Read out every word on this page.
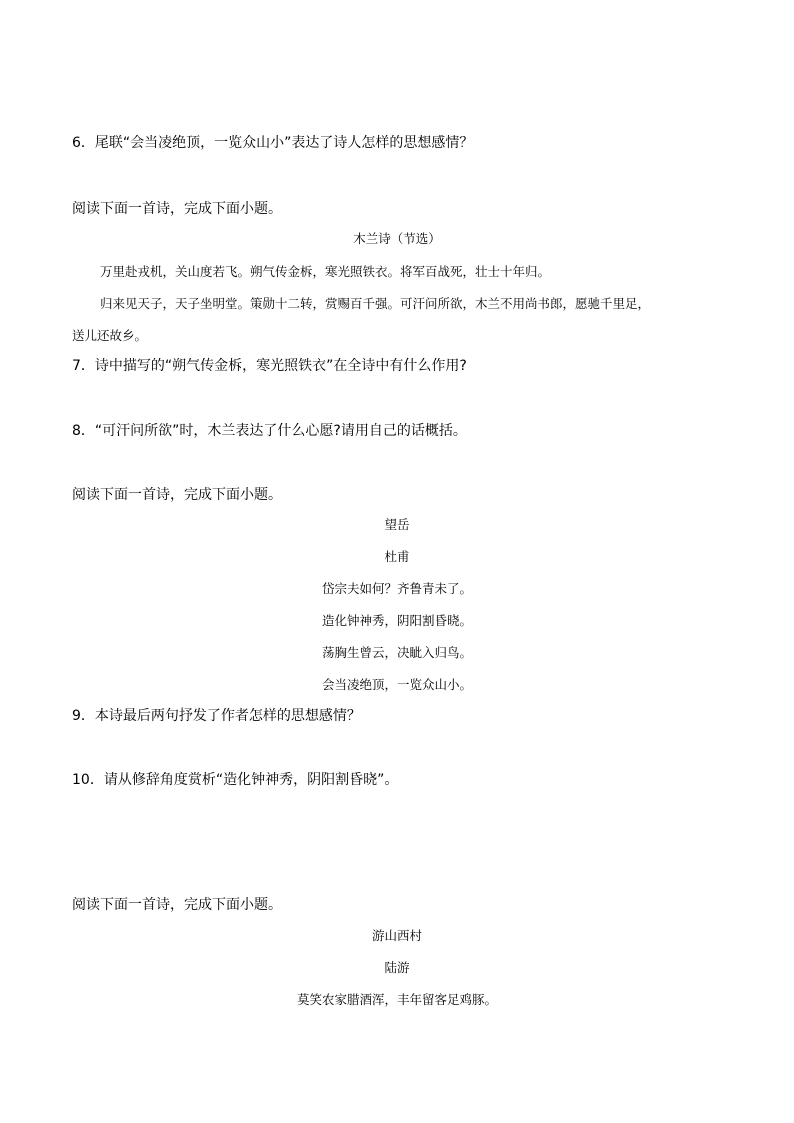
6．尾联“会当凌绝顶，一览众山小”表达了诗人怎样的思想感情？
阅读下面一首诗，完成下面小题。
木兰诗（节选）
万里赴戎机，关山度若飞。朔气传金柝，寒光照铁衣。将军百战死，壮士十年归。
归来见天子，天子坐明堂。策勋十二转，赏赐百千强。可汗问所欲，木兰不用尚书郎，愿驰千里足，
送儿还故乡。
7．诗中描写的“朔气传金柝，寒光照铁衣”在全诗中有什么作用?
8．“可汗问所欲”时，木兰表达了什么心愿?请用自己的话概括。
阅读下面一首诗，完成下面小题。
望岳
杜甫
岱宗夫如何？齐鲁青未了。
造化钟神秀，阴阳割昏晓。
荡胸生曾云，决眦入归鸟。
会当凌绝顶，一览众山小。
9．本诗最后两句抒发了作者怎样的思想感情？
10．请从修辞角度赏析“造化钟神秀，阴阳割昏晓”。
阅读下面一首诗，完成下面小题。
游山西村
陆游
莫笑农家腊酒浑，丰年留客足鸡豚。
